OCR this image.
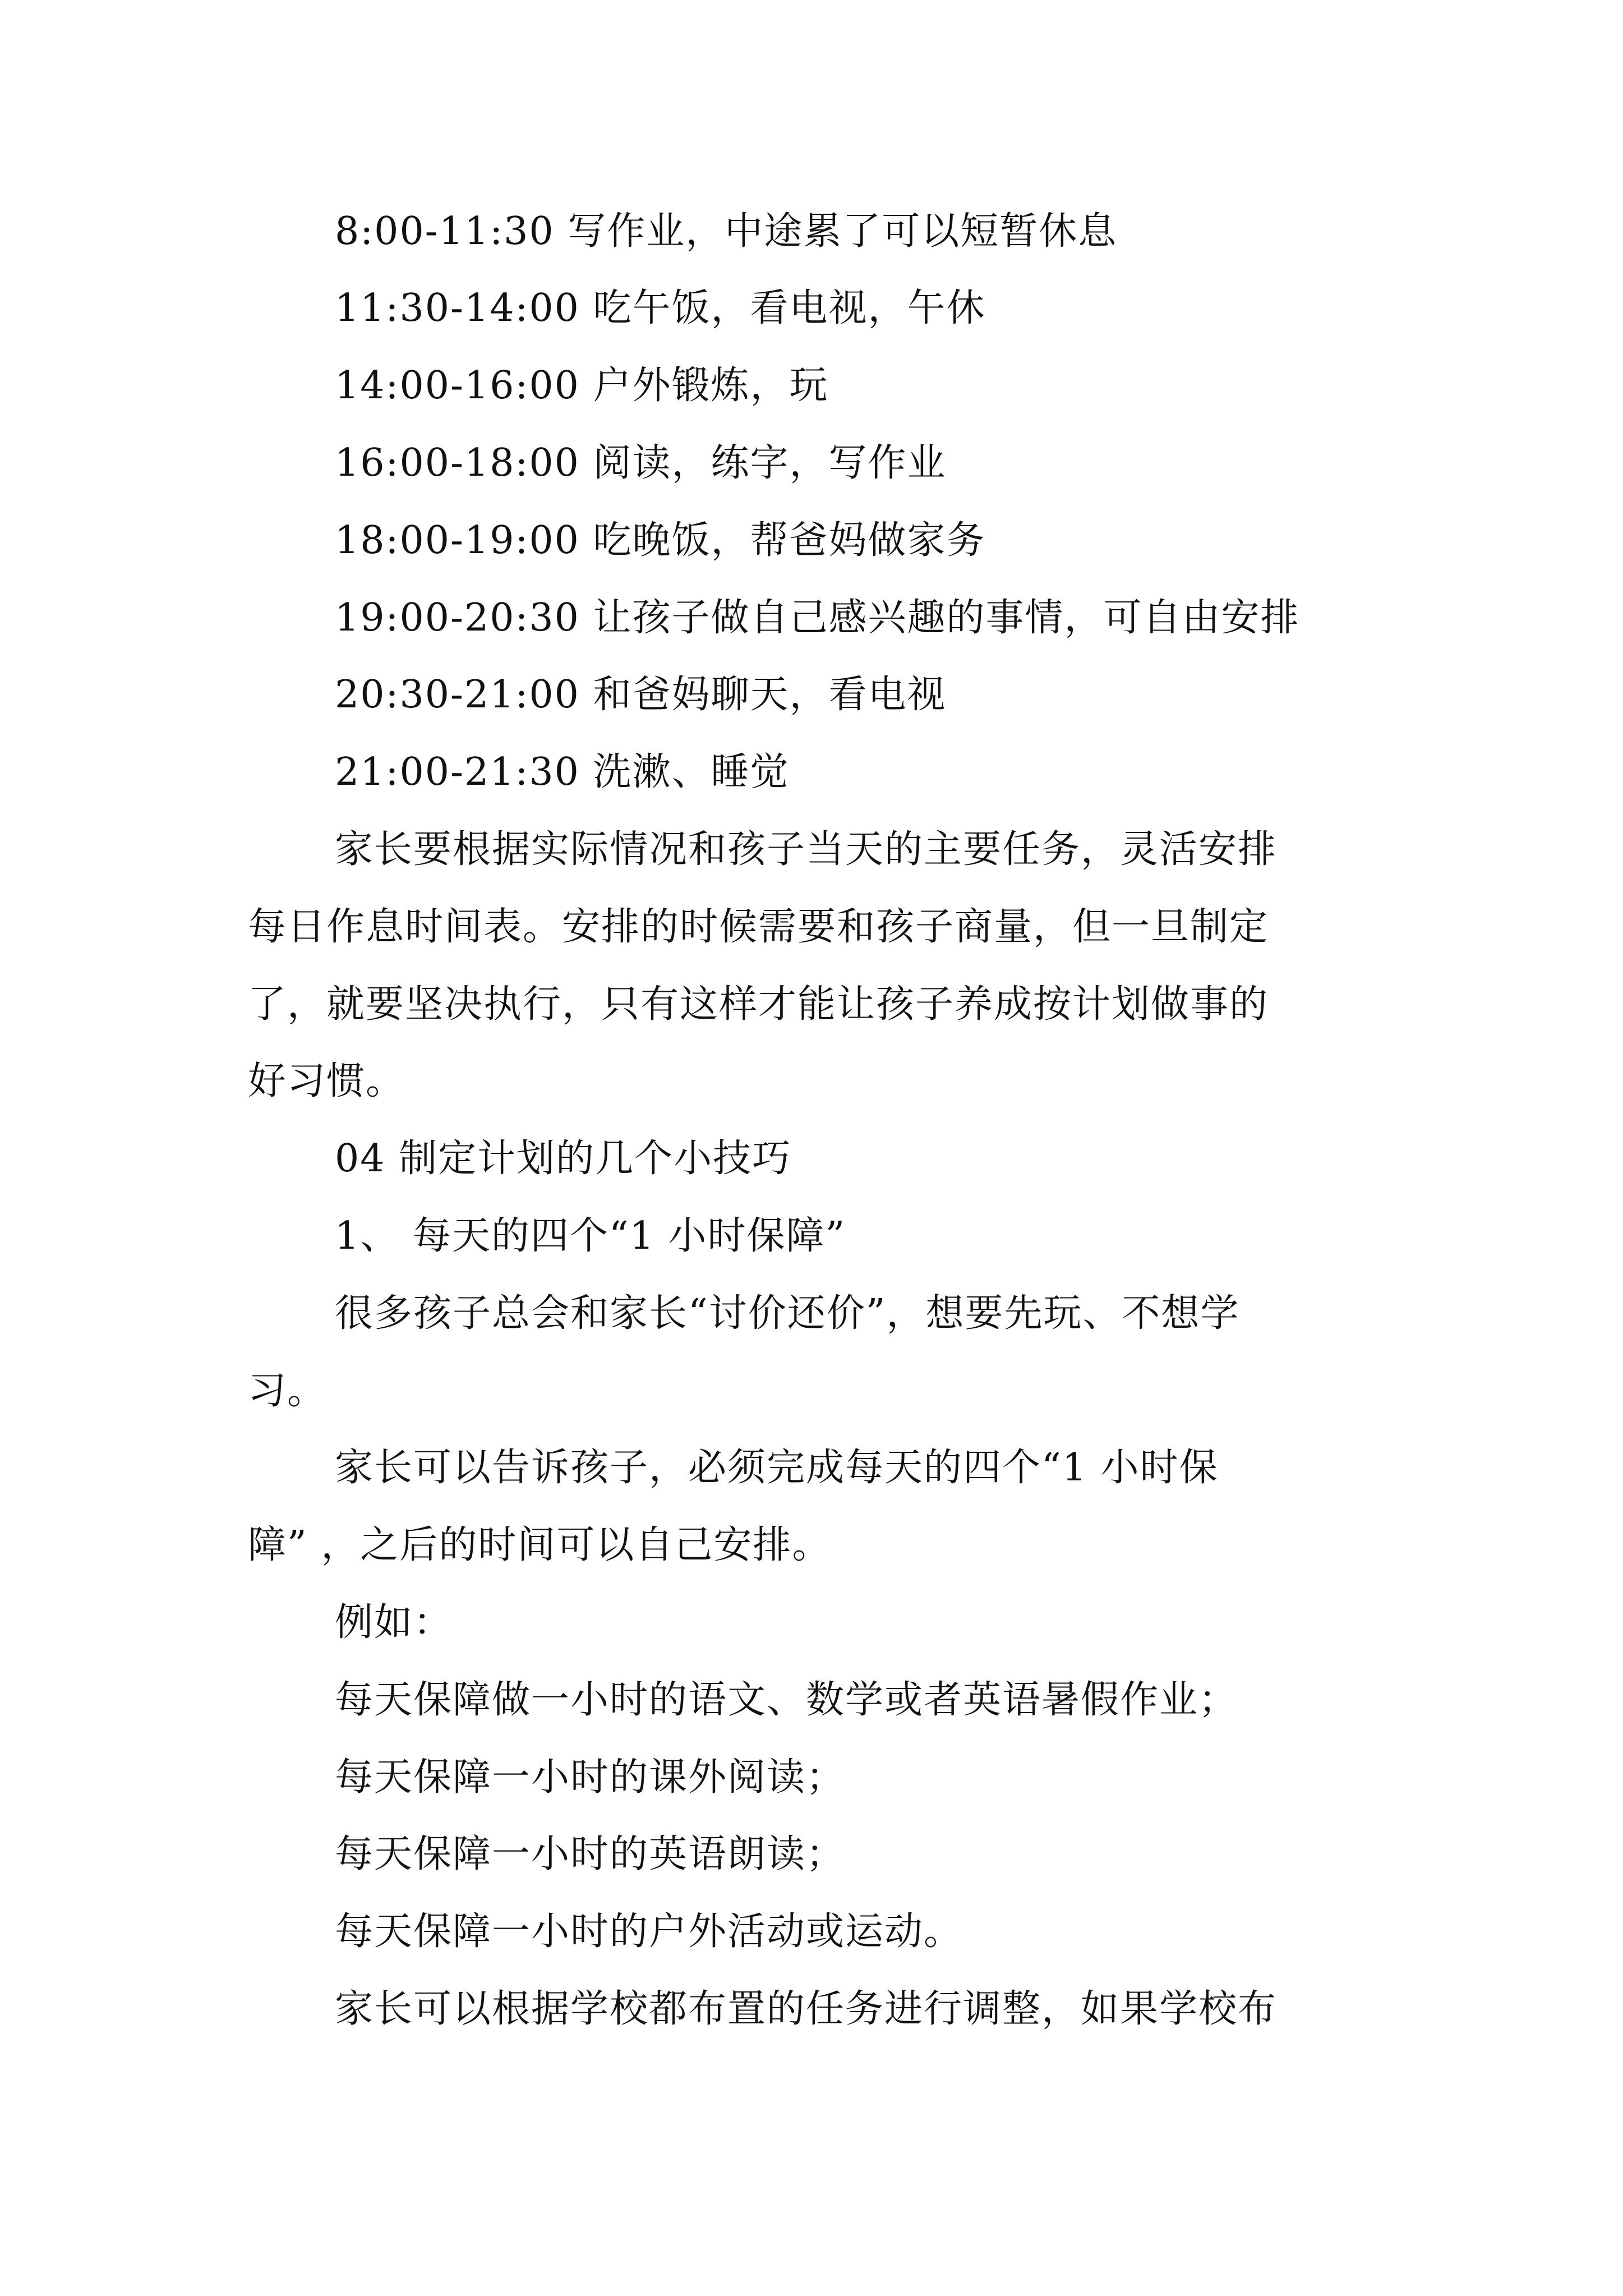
8:00-11:30 写作业，中途累了可以短暂休息

11:30-14:00 吃午饭，看电视，午休

14:00-16:00 户外锻炼，玩

16:00-18:00 阅读，练字，写作业

18:00-19:00 吃晚饭，帮爸妈做家务

19:00-20:30 让孩子做自己感兴趣的事情，可自由安排

20:30-21:00 和爸妈聊天，看电视

21:00-21:30 洗漱、睡觉

家长要根据实际情况和孩子当天的主要任务，灵活安排

每日作息时间表。安排的时候需要和孩子商量，但一旦制定

了，就要坚决执行，只有这样才能让孩子养成按计划做事的

好习惯。

04 制定计划的几个小技巧

1、 每天的四个“1 小时保障”

很多孩子总会和家长“讨价还价”，想要先玩、不想学

习。

家长可以告诉孩子，必须完成每天的四个“1 小时保

障” ，之后的时间可以自己安排。

例如：

每天保障做一小时的语文、数学或者英语暑假作业；

每天保障一小时的课外阅读；

每天保障一小时的英语朗读；

每天保障一小时的户外活动或运动。

家长可以根据学校都布置的任务进行调整，如果学校布
